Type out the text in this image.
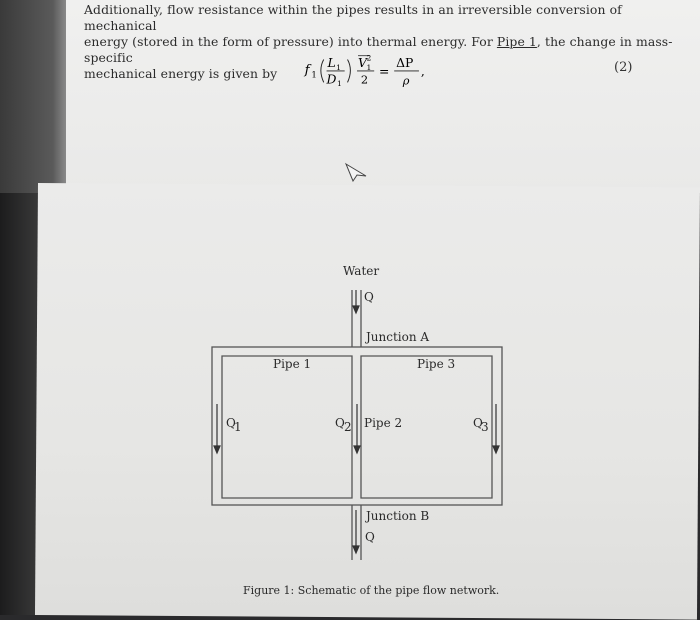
Additionally, flow resistance within the pipes results in an irreversible conversion of mechanical
energy (stored in the form of pressure) into thermal energy. For Pipe 1, the change in mass-specific
mechanical energy is given by	f 1
L 1
D 1
V 2
1
2
=
ΔP
ρ
,	(2)
Water
Q
Junction A
Pipe 1	Pipe 3
Q
1	Q 2 Pipe 2	Q
3
Junction B
Q
Figure 1: Schematic of the pipe flow network.
